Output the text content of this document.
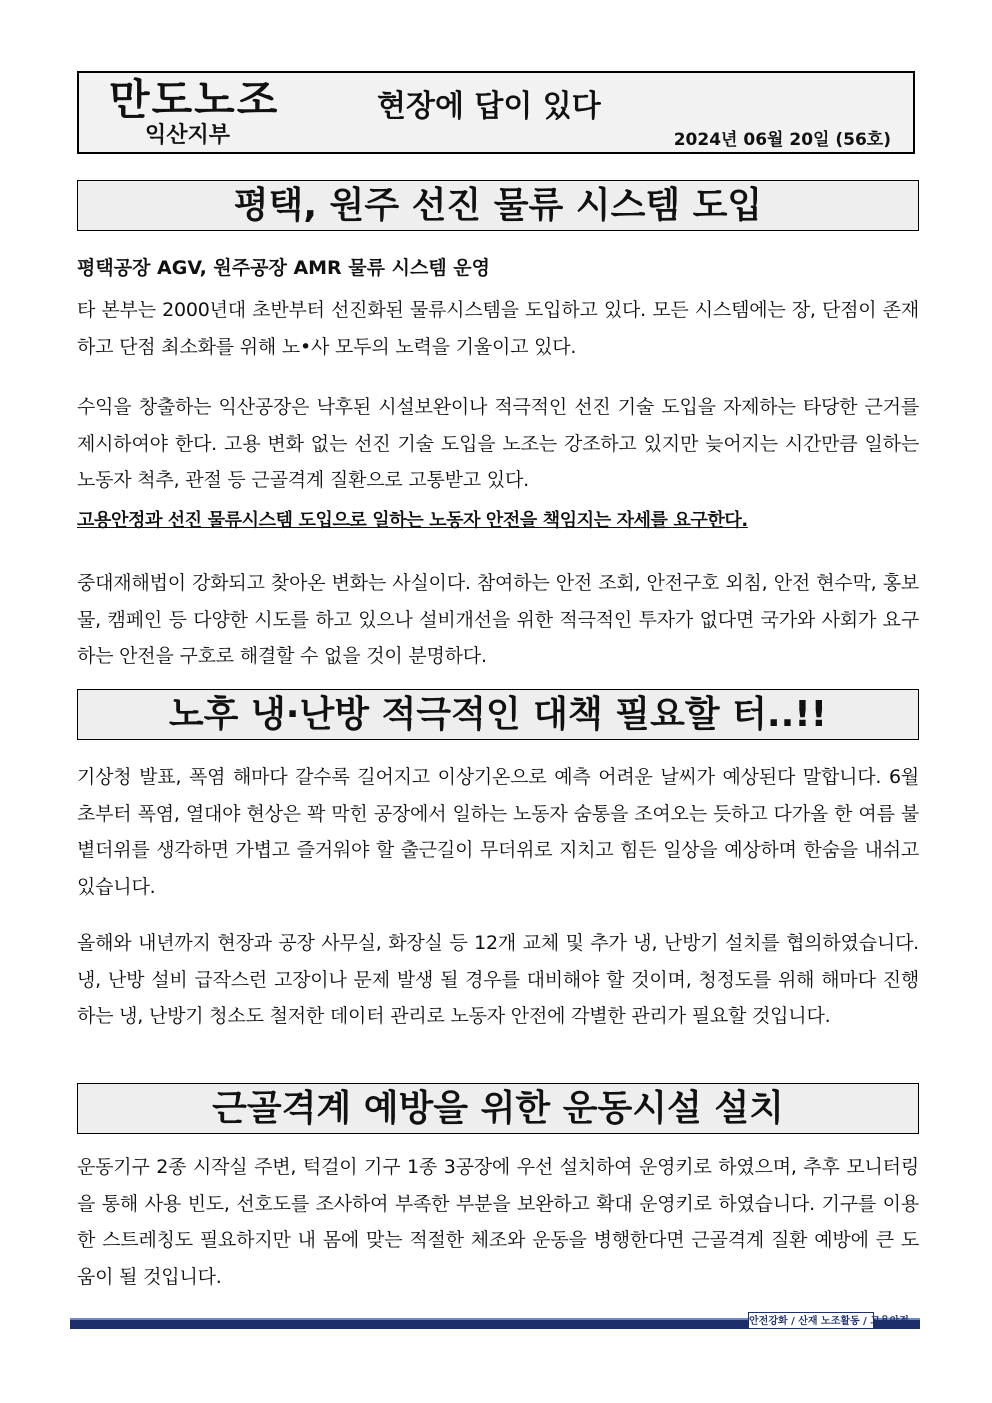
만도노조
익산지부
현장에 답이 있다
2024년 06월 20일 (56호)
평택, 원주 선진 물류 시스템 도입
평택공장 AGV, 원주공장 AMR 물류 시스템 운영

타 본부는 2000년대 초반부터 선진화된 물류시스템을 도입하고 있다. 모든 시스템에는 장, 단점이 존재하고 단점 최소화를 위해 노•사 모두의 노력을 기울이고 있다.

수익을 창출하는 익산공장은 낙후된 시설보완이나 적극적인 선진 기술 도입을 자제하는 타당한 근거를 제시하여야 한다. 고용 변화 없는 선진 기술 도입을 노조는 강조하고 있지만 늦어지는 시간만큼 일하는 노동자 척추, 관절 등 근골격계 질환으로 고통받고 있다.

고용안정과 선진 물류시스템 도입으로 일하는 노동자 안전을 책임지는 자세를 요구한다.

중대재해법이 강화되고 찾아온 변화는 사실이다. 참여하는 안전 조회, 안전구호 외침, 안전 현수막, 홍보물, 캠페인 등 다양한 시도를 하고 있으나 설비개선을 위한 적극적인 투자가 없다면 국가와 사회가 요구하는 안전을 구호로 해결할 수 없을 것이 분명하다.

노후 냉·난방 적극적인 대책 필요할 터..!!

기상청 발표, 폭염 해마다 갈수록 길어지고 이상기온으로 예측 어려운 날씨가 예상된다 말합니다. 6월 초부터 폭염, 열대야 현상은 꽉 막힌 공장에서 일하는 노동자 숨통을 조여오는 듯하고 다가올 한 여름 불볕더위를 생각하면 가볍고 즐거워야 할 출근길이 무더위로 지치고 힘든 일상을 예상하며 한숨을 내쉬고 있습니다.

올해와 내년까지 현장과 공장 사무실, 화장실 등 12개 교체 및 추가 냉, 난방기 설치를 협의하였습니다. 냉, 난방 설비 급작스런 고장이나 문제 발생 될 경우를 대비해야 할 것이며, 청정도를 위해 해마다 진행하는 냉, 난방기 청소도 철저한 데이터 관리로 노동자 안전에 각별한 관리가 필요할 것입니다.

근골격계 예방을 위한 운동시설 설치

운동기구 2종 시작실 주변, 턱걸이 기구 1종 3공장에 우선 설치하여 운영키로 하였으며, 추후 모니터링을 통해 사용 빈도, 선호도를 조사하여 부족한 부분을 보완하고 확대 운영키로 하였습니다. 기구를 이용한 스트레칭도 필요하지만 내 몸에 맞는 적절한 체조와 운동을 병행한다면 근골격계 질환 예방에 큰 도움이 될 것입니다.

안전강화 / 산재 노조활동 / 고용안정
